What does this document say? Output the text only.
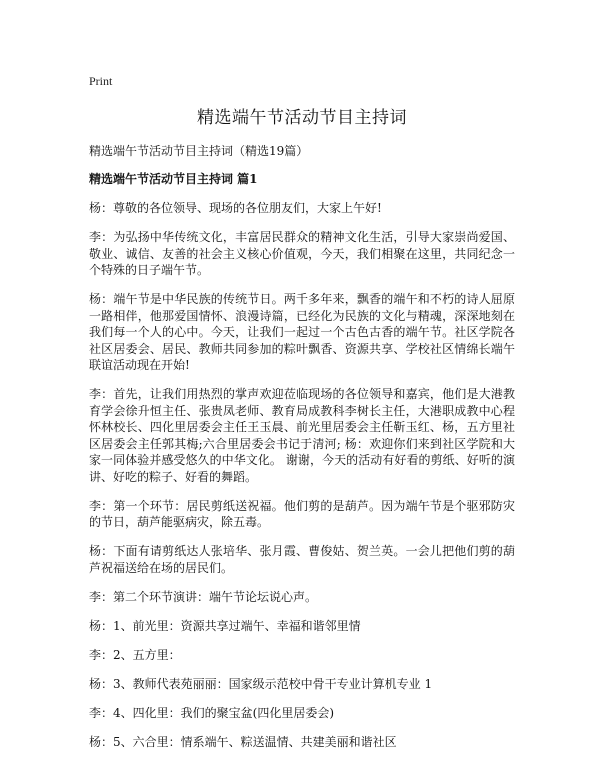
Print
精选端午节活动节目主持词

精选端午节活动节目主持词（精选19篇）

精选端午节活动节目主持词 篇1

杨：尊敬的各位领导、现场的各位朋友们，大家上午好!

李：为弘扬中华传统文化，丰富居民群众的精神文化生活，引导大家崇尚爱国、敬业、诚信、友善的社会主义核心价值观，今天，我们相聚在这里，共同纪念一个特殊的日子端午节。

杨：端午节是中华民族的传统节日。两千多年来，飘香的端午和不朽的诗人屈原一路相伴，他那爱国情怀、浪漫诗篇，已经化为民族的文化与精魂，深深地刻在我们每一个人的心中。今天，让我们一起过一个古色古香的端午节。社区学院各社区居委会、居民、教师共同参加的粽叶飘香、资源共享、学校社区情绵长端午联谊活动现在开始!

李：首先，让我们用热烈的掌声欢迎莅临现场的各位领导和嘉宾，他们是大港教育学会徐升恒主任、张贵凤老师、教育局成教科李树长主任，大港职成教中心程怀林校长、四化里居委会主任王玉晨、前光里居委会主任靳玉红、杨，五方里社区居委会主任郭其梅;六合里居委会书记于清河; 杨：欢迎你们来到社区学院和大家一同体验并感受悠久的中华文化。 谢谢，今天的活动有好看的剪纸、好听的演讲、好吃的粽子、好看的舞蹈。

李：第一个环节：居民剪纸送祝福。他们剪的是葫芦。因为端午节是个驱邪防灾的节日，葫芦能驱病灾，除五毒。

杨：下面有请剪纸达人张培华、张月霞、曹俊姑、贺兰英。一会儿把他们剪的葫芦祝福送给在场的居民们。

李：第二个环节演讲：端午节论坛说心声。

杨：1、前光里：资源共享过端午、幸福和谐邻里情

李：2、五方里：

杨：3、教师代表苑丽丽：国家级示范校中骨干专业计算机专业 1

李：4、四化里：我们的聚宝盆(四化里居委会)

杨：5、六合里：情系端午、粽送温情、共建美丽和谐社区
